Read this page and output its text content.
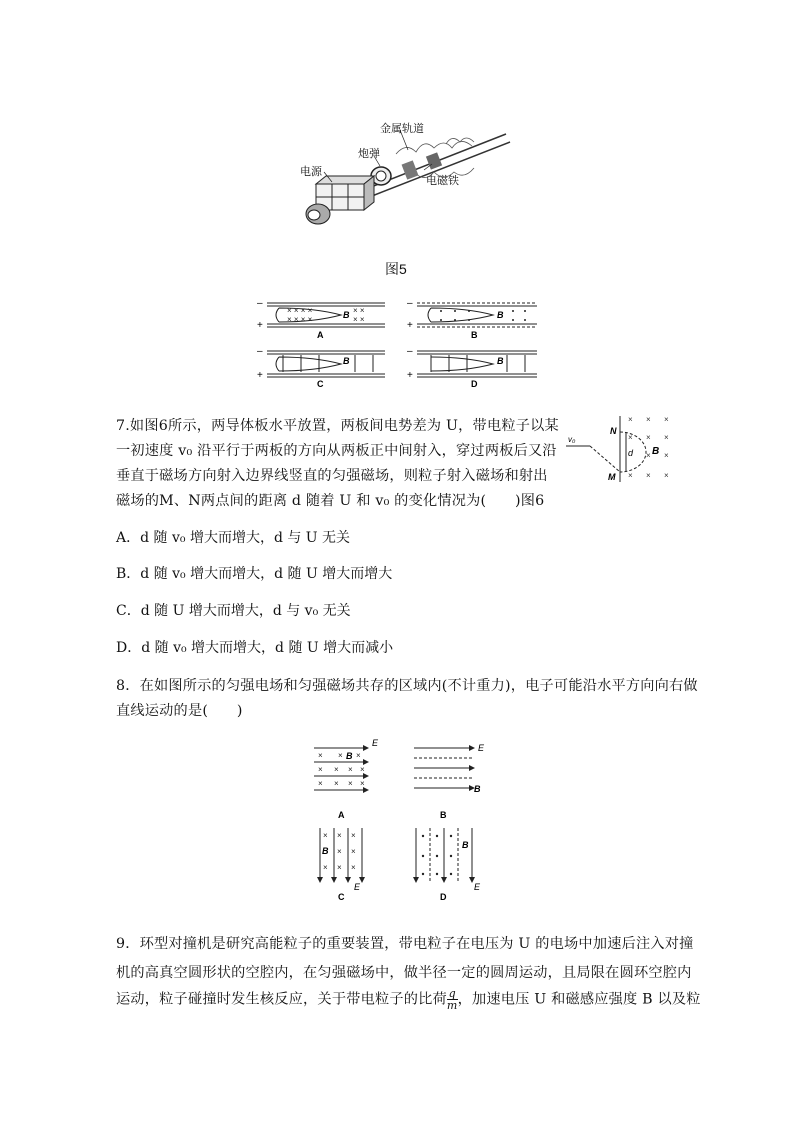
电源
炮弹
金属轨道
电磁铁
图5
–
+
× × × ×
× × × ×
× ×
× ×
B
A
–
+
B
B
–
+
B
C
–
+
B
D
7.如图6所示，两导体板水平放置，两板间电势差为 U，带电粒子以某
一初速度 v₀ 沿平行于两板的方向从两板正中间射入，穿过两板后又沿
垂直于磁场方向射入边界线竖直的匀强磁场，则粒子射入磁场和射出
磁场的M、N两点间的距离 d 随着 U 和 v₀ 的变化情况为(　　)图6
× × ×
× × ×
× ×
× × ×
v₀
N
M
d B
A．d 随 v₀ 增大而增大，d 与 U 无关
B．d 随 v₀ 增大而增大，d 随 U 增大而增大
C．d 随 U 增大而增大，d 与 v₀ 无关
D．d 随 v₀ 增大而增大，d 随 U 增大而减小
8．在如图所示的匀强电场和匀强磁场共存的区域内(不计重力)，电子可能沿水平方向向右做
直线运动的是(　　)
× × ×
× × × ×
× × × ×
B
E
A
E
B
B
× × ×
× ×
× × ×
B
E
C
B
E
D
9．环型对撞机是研究高能粒子的重要装置，带电粒子在电压为 U 的电场中加速后注入对撞
机的高真空圆形状的空腔内，在匀强磁场中，做半径一定的圆周运动，且局限在圆环空腔内
运动，粒子碰撞时发生核反应，关于带电粒子的比荷 $\frac{q}{m}$ ，加速电压 U 和磁感应强度 B 以及粒
